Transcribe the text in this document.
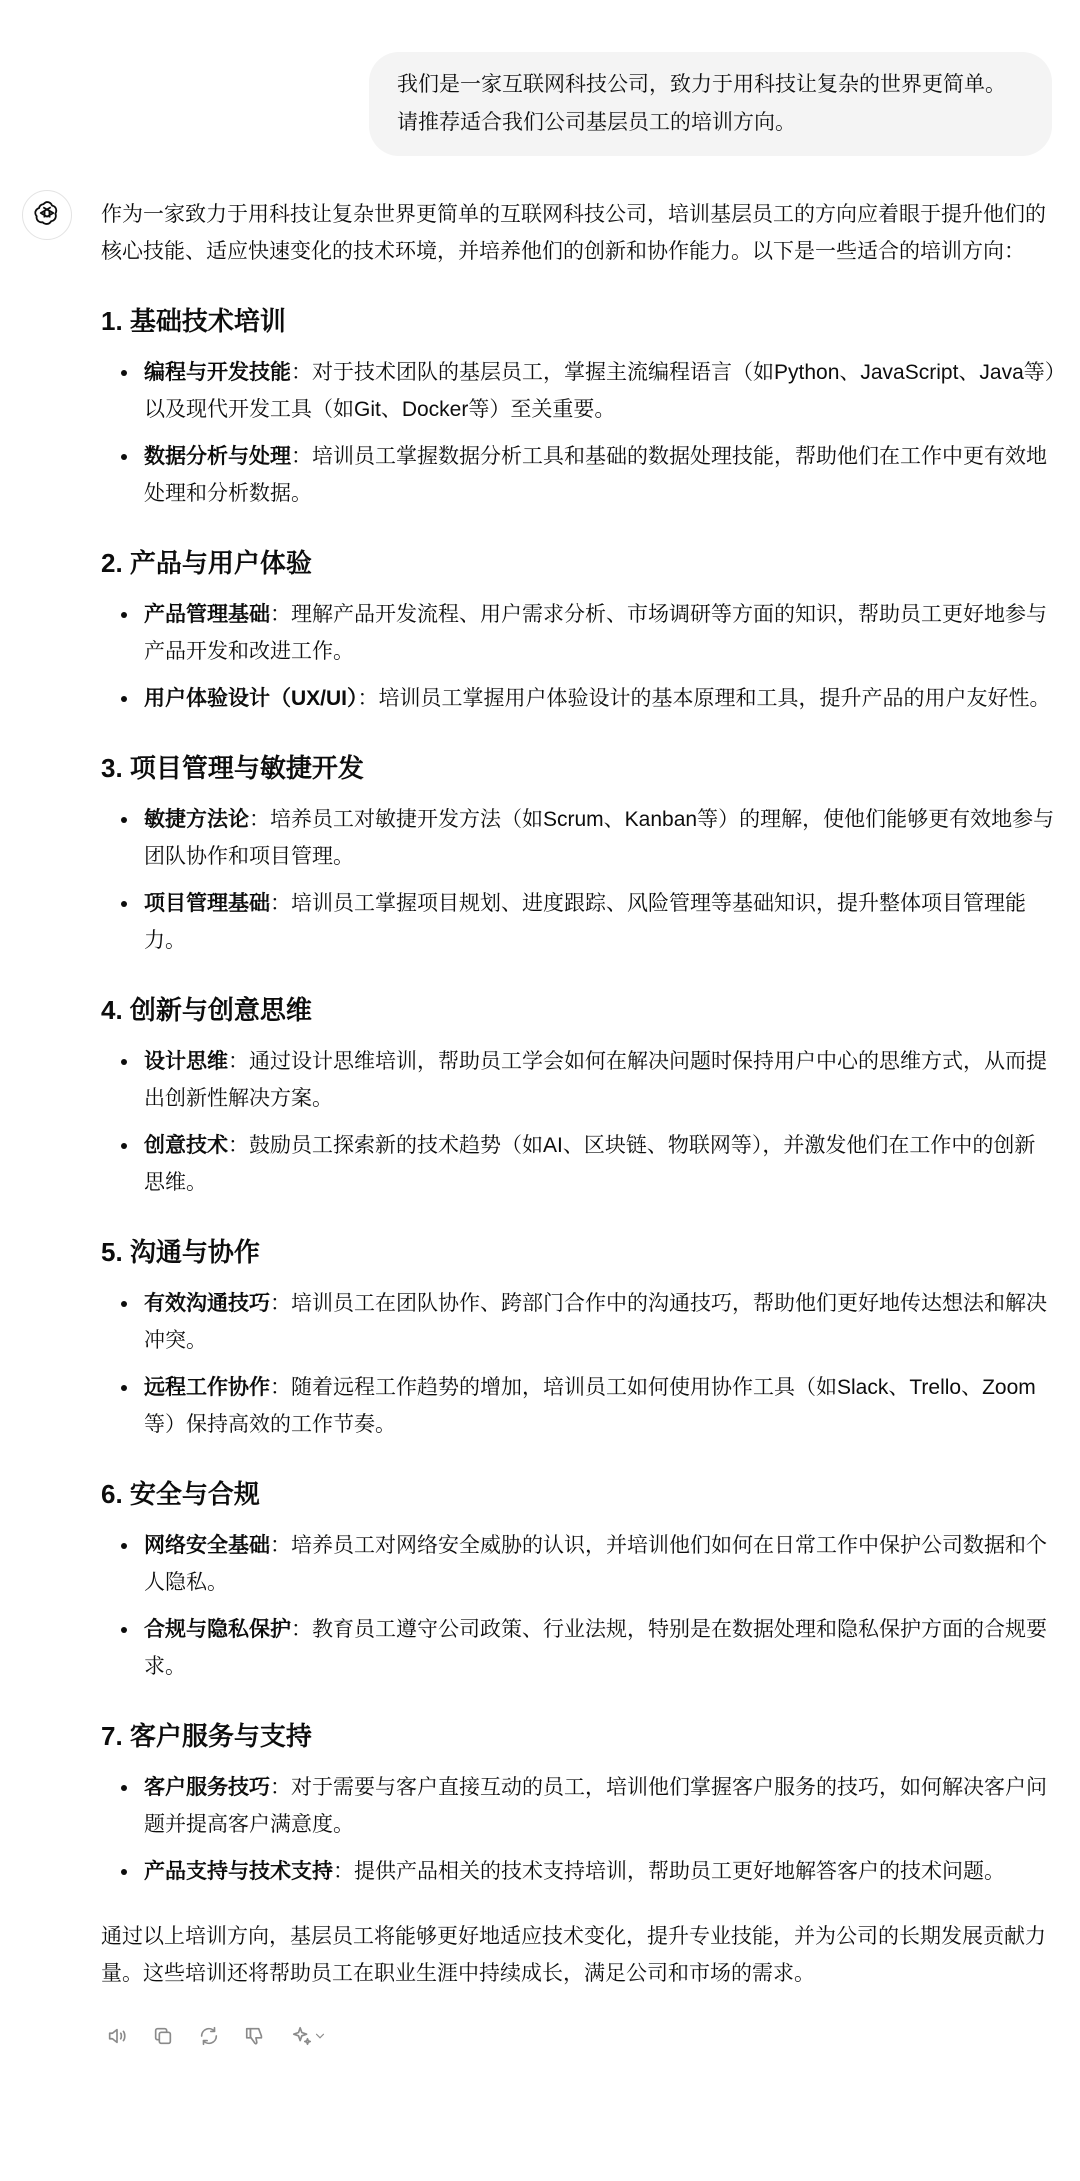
我们是一家互联网科技公司，致力于用科技让复杂的世界更简单。请推荐适合我们公司基层员工的培训方向。

作为一家致力于用科技让复杂世界更简单的互联网科技公司，培训基层员工的方向应着眼于提升他们的核心技能、适应快速变化的技术环境，并培养他们的创新和协作能力。以下是一些适合的培训方向：

1. 基础技术培训
编程与开发技能：对于技术团队的基层员工，掌握主流编程语言（如Python、JavaScript、Java等）以及现代开发工具（如Git、Docker等）至关重要。
数据分析与处理：培训员工掌握数据分析工具和基础的数据处理技能，帮助他们在工作中更有效地处理和分析数据。
2. 产品与用户体验
产品管理基础：理解产品开发流程、用户需求分析、市场调研等方面的知识，帮助员工更好地参与产品开发和改进工作。
用户体验设计（UX/UI）：培训员工掌握用户体验设计的基本原理和工具，提升产品的用户友好性。
3. 项目管理与敏捷开发
敏捷方法论：培养员工对敏捷开发方法（如Scrum、Kanban等）的理解，使他们能够更有效地参与团队协作和项目管理。
项目管理基础：培训员工掌握项目规划、进度跟踪、风险管理等基础知识，提升整体项目管理能力。
4. 创新与创意思维
设计思维：通过设计思维培训，帮助员工学会如何在解决问题时保持用户中心的思维方式，从而提出创新性解决方案。
创意技术：鼓励员工探索新的技术趋势（如AI、区块链、物联网等），并激发他们在工作中的创新思维。
5. 沟通与协作
有效沟通技巧：培训员工在团队协作、跨部门合作中的沟通技巧，帮助他们更好地传达想法和解决冲突。
远程工作协作：随着远程工作趋势的增加，培训员工如何使用协作工具（如Slack、Trello、Zoom等）保持高效的工作节奏。
6. 安全与合规
网络安全基础：培养员工对网络安全威胁的认识，并培训他们如何在日常工作中保护公司数据和个人隐私。
合规与隐私保护：教育员工遵守公司政策、行业法规，特别是在数据处理和隐私保护方面的合规要求。
7. 客户服务与支持
客户服务技巧：对于需要与客户直接互动的员工，培训他们掌握客户服务的技巧，如何解决客户问题并提高客户满意度。
产品支持与技术支持：提供产品相关的技术支持培训，帮助员工更好地解答客户的技术问题。

通过以上培训方向，基层员工将能够更好地适应技术变化，提升专业技能，并为公司的长期发展贡献力量。这些培训还将帮助员工在职业生涯中持续成长，满足公司和市场的需求。
